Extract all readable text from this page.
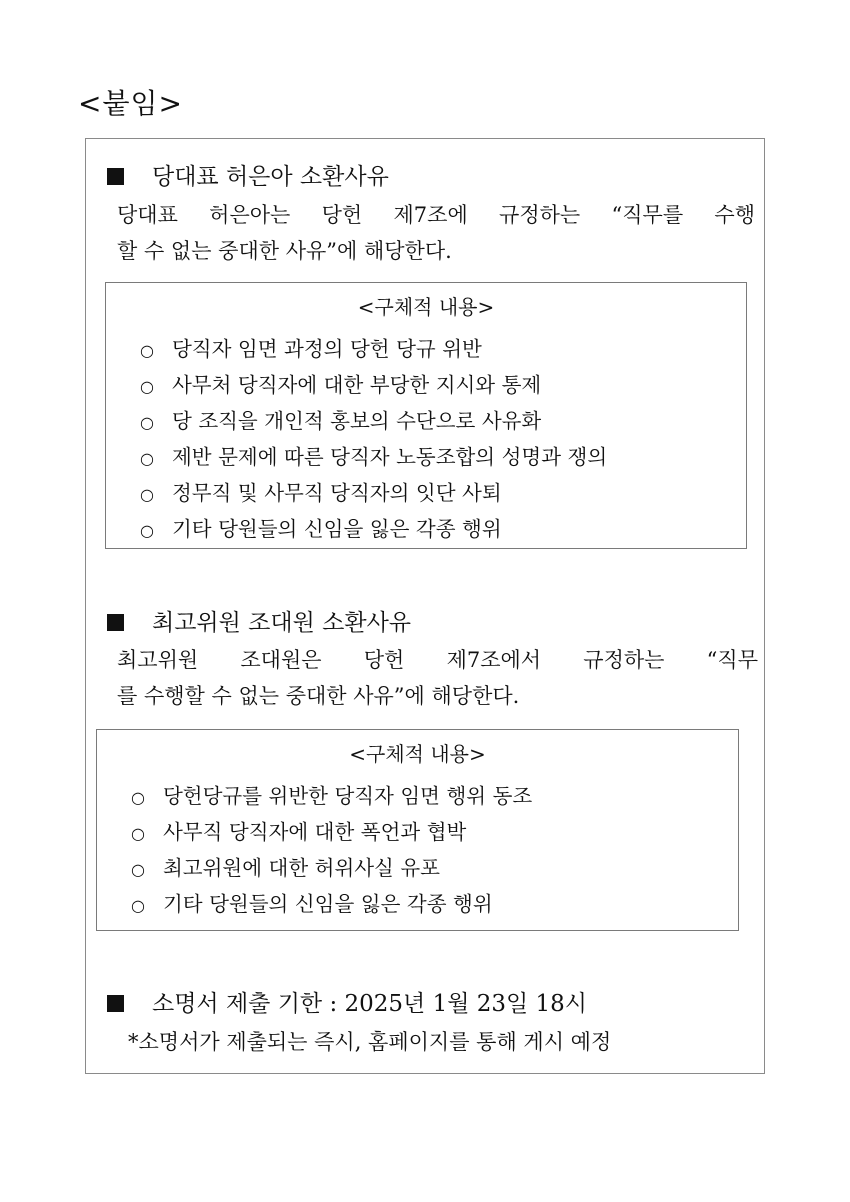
<붙임>
당대표 허은아 소환사유
당대표 허은아는 당헌 제7조에 규정하는 “직무를 수행
할 수 없는 중대한 사유”에 해당한다.
<구체적 내용>
○ 당직자 임면 과정의 당헌 당규 위반
○ 사무처 당직자에 대한 부당한 지시와 통제
○ 당 조직을 개인적 홍보의 수단으로 사유화
○ 제반 문제에 따른 당직자 노동조합의 성명과 쟁의
○ 정무직 및 사무직 당직자의 잇단 사퇴
○ 기타 당원들의 신임을 잃은 각종 행위
최고위원 조대원 소환사유
최고위원 조대원은 당헌 제7조에서 규정하는 “직무
를 수행할 수 없는 중대한 사유”에 해당한다.
<구체적 내용>
○ 당헌당규를 위반한 당직자 임면 행위 동조
○ 사무직 당직자에 대한 폭언과 협박
○ 최고위원에 대한 허위사실 유포
○ 기타 당원들의 신임을 잃은 각종 행위
소명서 제출 기한 : 2025년 1월 23일 18시
*소명서가 제출되는 즉시, 홈페이지를 통해 게시 예정
